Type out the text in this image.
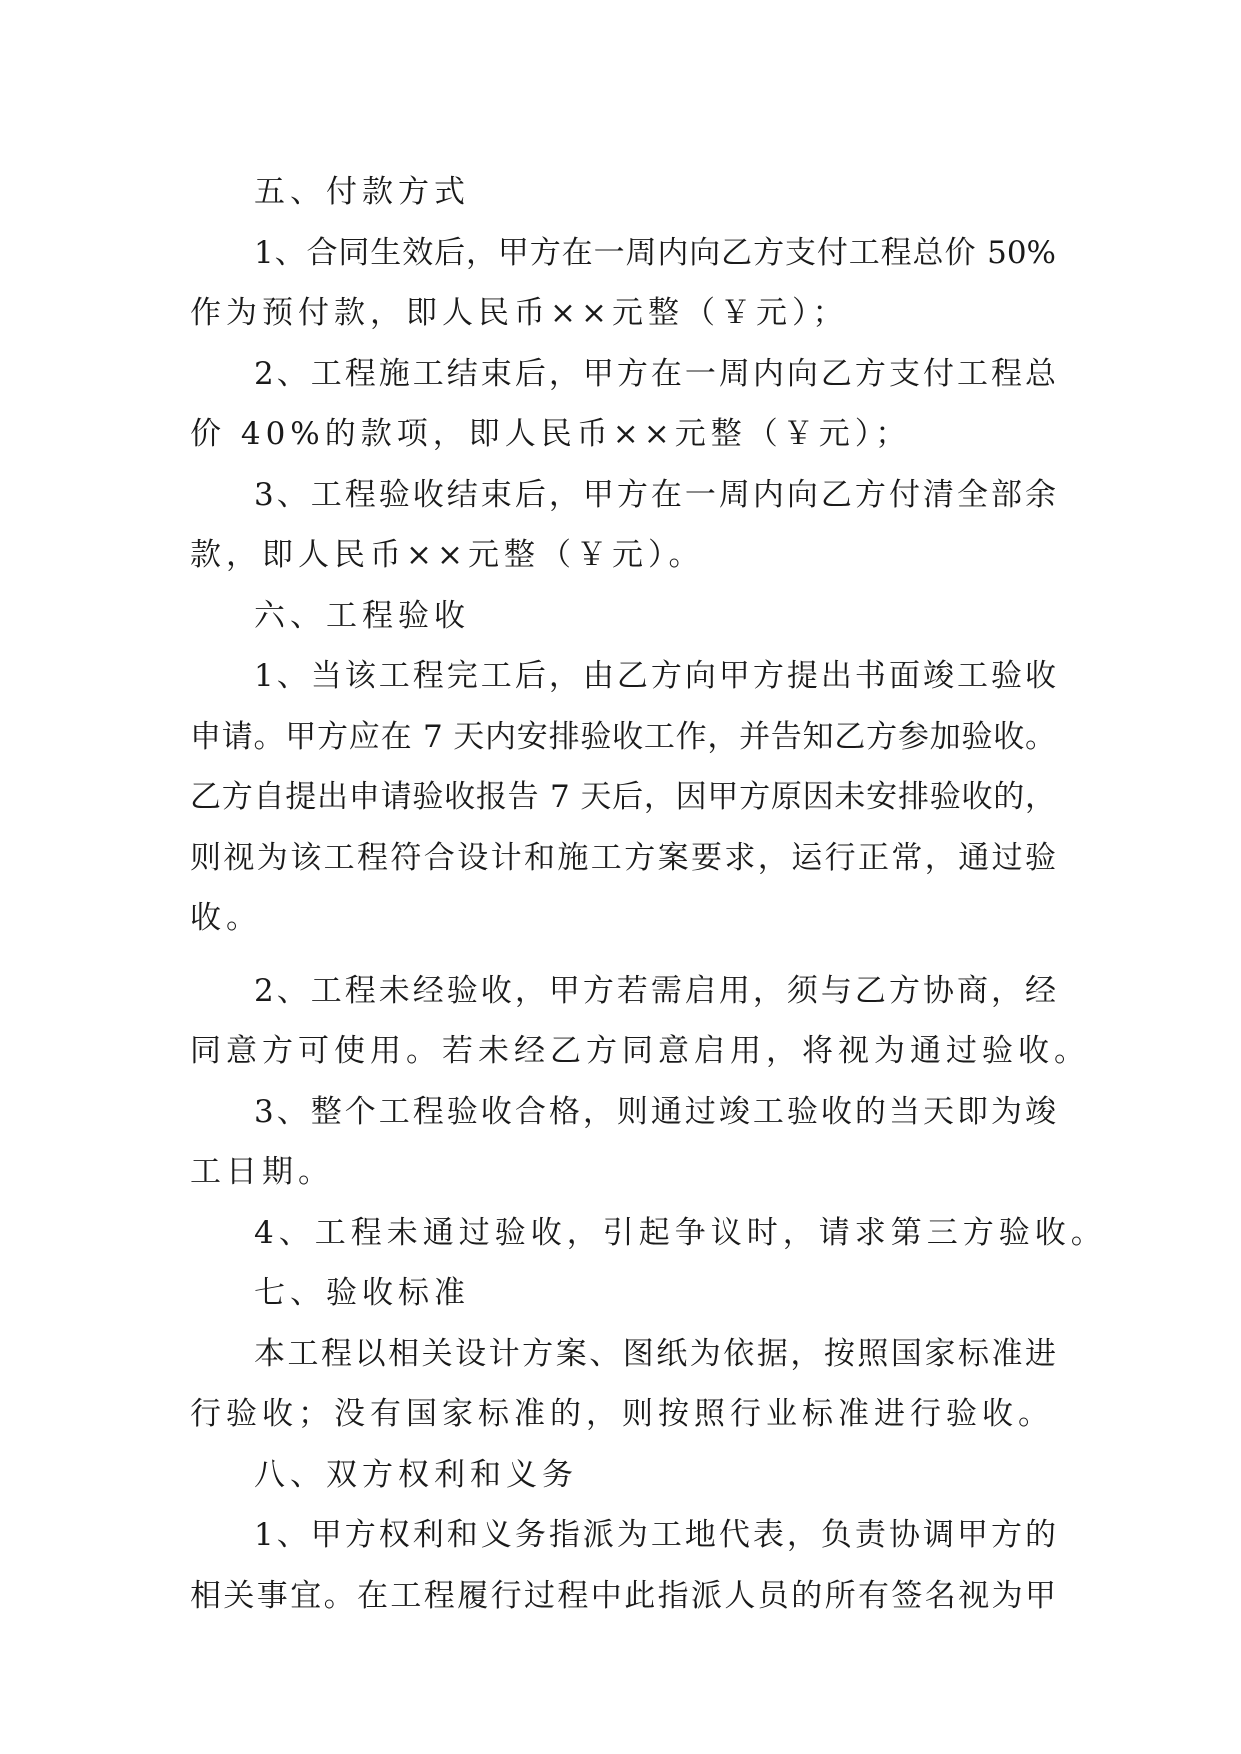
五、付款方式
1、合同生效后，甲方在一周内向乙方支付工程总价 50%
作为预付款，即人民币××元整（￥元）；
2、工程施工结束后，甲方在一周内向乙方支付工程总
价 40%的款项，即人民币××元整（￥元）；
3、工程验收结束后，甲方在一周内向乙方付清全部余
款，即人民币××元整（￥元）。
六、工程验收
1、当该工程完工后，由乙方向甲方提出书面竣工验收
申请。甲方应在 7 天内安排验收工作，并告知乙方参加验收。
乙方自提出申请验收报告 7 天后，因甲方原因未安排验收的，
则视为该工程符合设计和施工方案要求，运行正常，通过验
收。
2、工程未经验收，甲方若需启用，须与乙方协商，经
同意方可使用。若未经乙方同意启用，将视为通过验收。
3、整个工程验收合格，则通过竣工验收的当天即为竣
工日期。
4、工程未通过验收，引起争议时，请求第三方验收。
七、验收标准
本工程以相关设计方案、图纸为依据，按照国家标准进
行验收；没有国家标准的，则按照行业标准进行验收。
八、双方权利和义务
1、甲方权利和义务指派为工地代表，负责协调甲方的
相关事宜。在工程履行过程中此指派人员的所有签名视为甲
